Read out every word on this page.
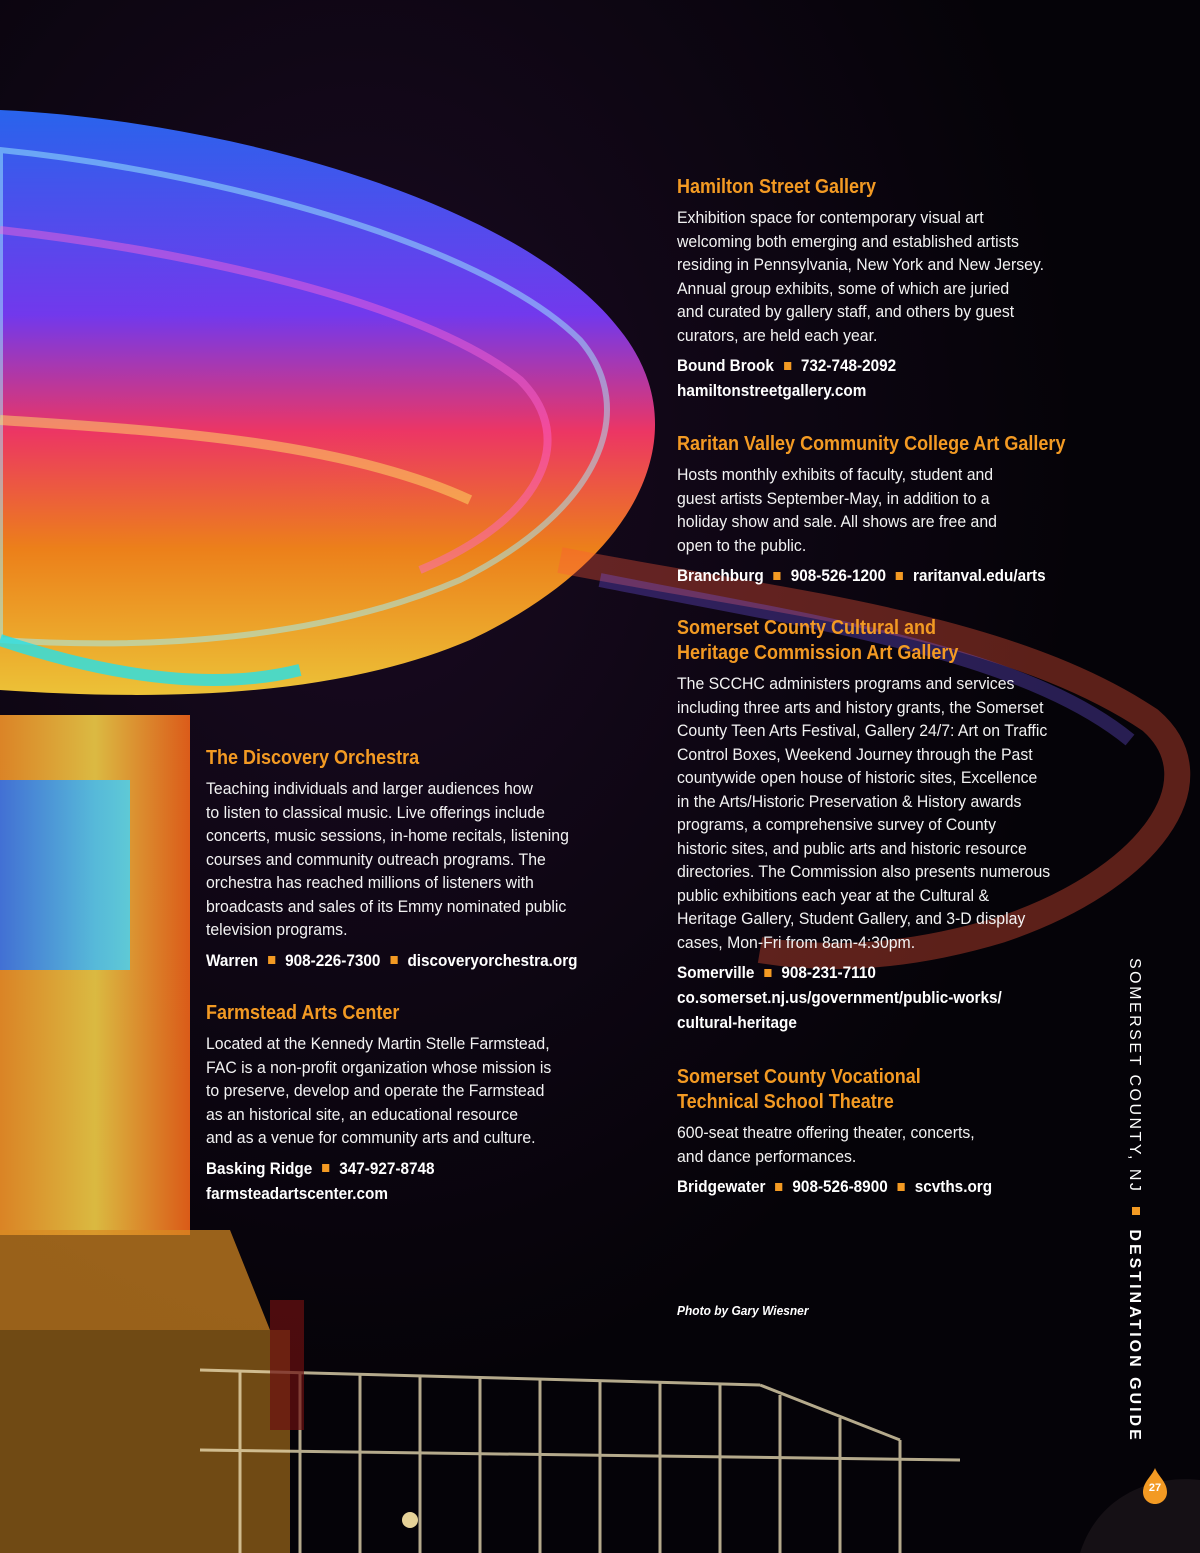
Hamilton Street Gallery

Exhibition space for contemporary visual art
welcoming both emerging and established artists
residing in Pennsylvania, New York and New Jersey.
Annual group exhibits, some of which are juried
and curated by gallery staff, and others by guest
curators, are held each year.

Bound Brook 732-748-2092
hamiltonstreetgallery.com
Raritan Valley Community College Art Gallery

Hosts monthly exhibits of faculty, student and
guest artists September-May, in addition to a
holiday show and sale. All shows are free and
open to the public.

Branchburg 908-526-1200 raritanval.edu/arts
Somerset County Cultural and
Heritage Commission Art Gallery

The SCCHC administers programs and services
including three arts and history grants, the Somerset
County Teen Arts Festival, Gallery 24/7: Art on Traffic
Control Boxes, Weekend Journey through the Past
countywide open house of historic sites, Excellence
in the Arts/Historic Preservation & History awards
programs, a comprehensive survey of County
historic sites, and public arts and historic resource
directories. The Commission also presents numerous
public exhibitions each year at the Cultural &
Heritage Gallery, Student Gallery, and 3-D display
cases, Mon-Fri from 8am-4:30pm.

Somerville 908-231-7110
co.somerset.nj.us/government/public-works/
cultural-heritage
Somerset County Vocational
Technical School Theatre

600-seat theatre offering theater, concerts,
and dance performances.

Bridgewater 908-526-8900 scvths.org
The Discovery Orchestra

Teaching individuals and larger audiences how
to listen to classical music. Live offerings include
concerts, music sessions, in-home recitals, listening
courses and community outreach programs. The
orchestra has reached millions of listeners with
broadcasts and sales of its Emmy nominated public
television programs.

Warren 908-226-7300 discoveryorchestra.org
Farmstead Arts Center

Located at the Kennedy Martin Stelle Farmstead,
FAC is a non-profit organization whose mission is
to preserve, develop and operate the Farmstead
as an historical site, an educational resource
and as a venue for community arts and culture.

Basking Ridge 347-927-8748
farmsteadartscenter.com
Photo by Gary Wiesner
SOMERSET COUNTY, NJDESTINATION GUIDE
27
